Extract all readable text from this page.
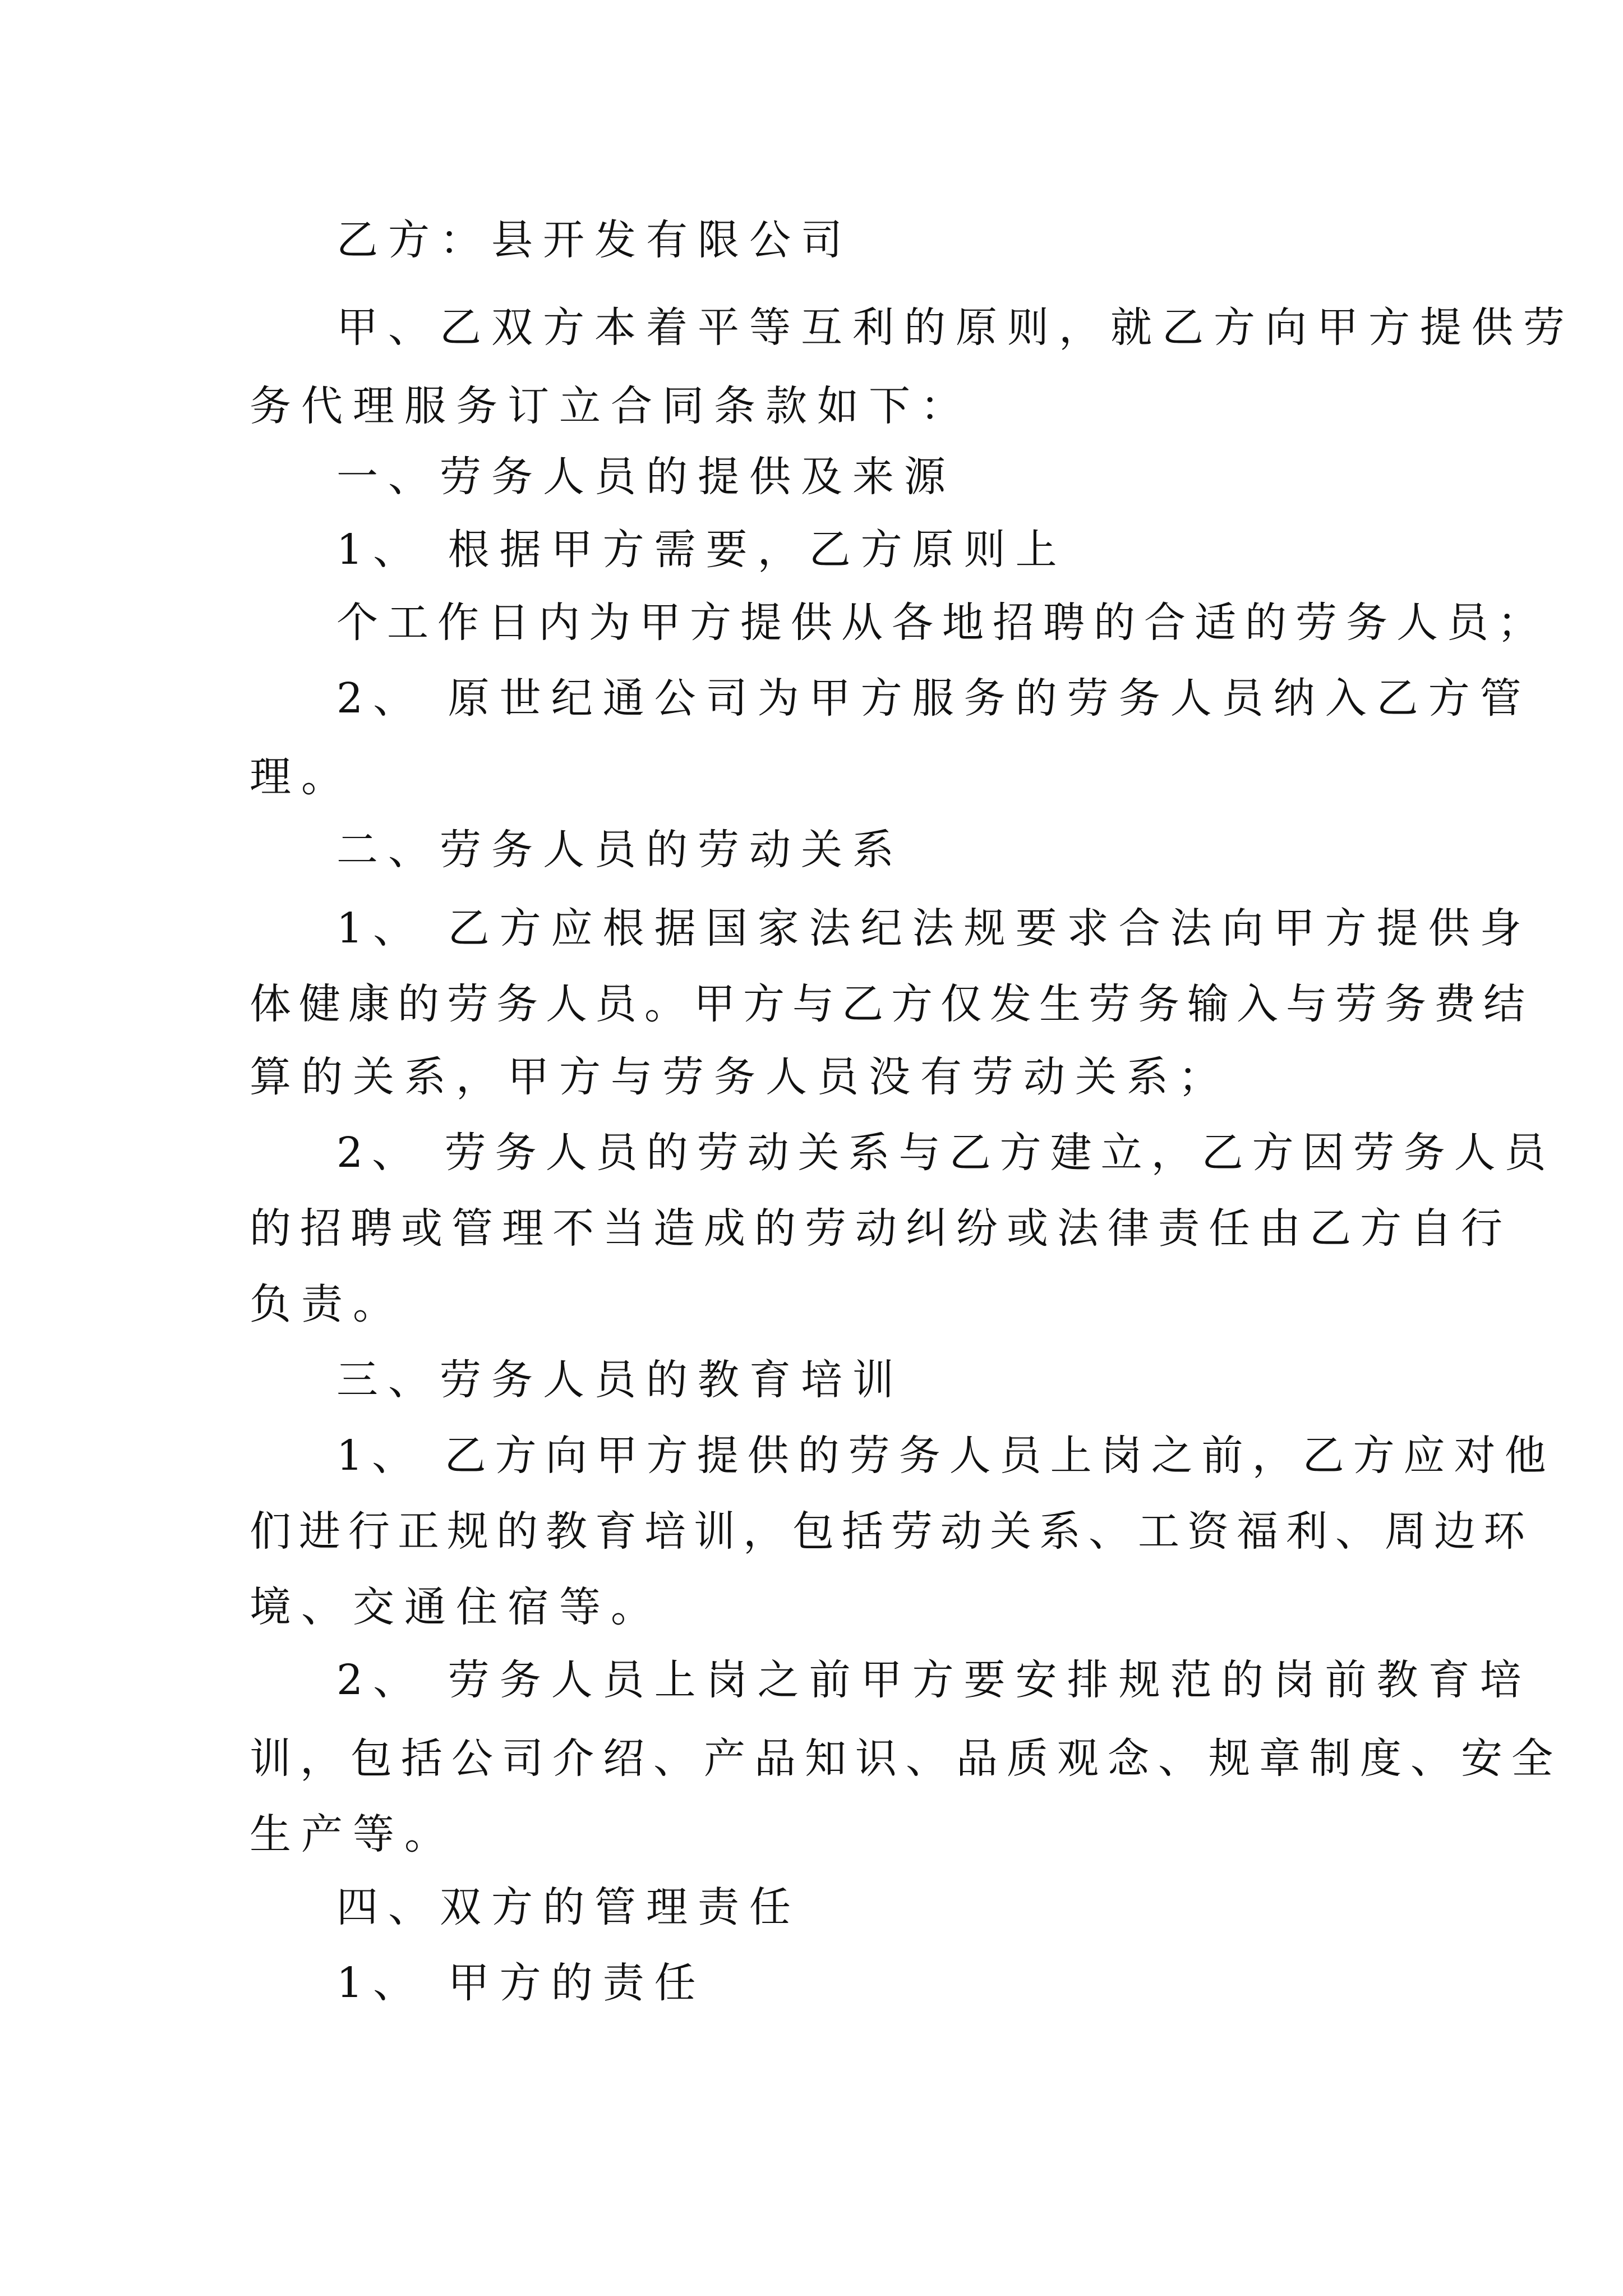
乙方：县开发有限公司

甲、乙双方本着平等互利的原则，就乙方向甲方提供劳

务代理服务订立合同条款如下：

一、劳务人员的提供及来源

1、 根据甲方需要，乙方原则上

个工作日内为甲方提供从各地招聘的合适的劳务人员；

2、 原世纪通公司为甲方服务的劳务人员纳入乙方管

理。

二、劳务人员的劳动关系

1、 乙方应根据国家法纪法规要求合法向甲方提供身

体健康的劳务人员。甲方与乙方仅发生劳务输入与劳务费结

算的关系，甲方与劳务人员没有劳动关系；

2、 劳务人员的劳动关系与乙方建立，乙方因劳务人员

的招聘或管理不当造成的劳动纠纷或法律责任由乙方自行

负责。

三、劳务人员的教育培训

1、 乙方向甲方提供的劳务人员上岗之前，乙方应对他

们进行正规的教育培训，包括劳动关系、工资福利、周边环

境、交通住宿等。

2、 劳务人员上岗之前甲方要安排规范的岗前教育培

训，包括公司介绍、产品知识、品质观念、规章制度、安全

生产等。

四、双方的管理责任

1、 甲方的责任
